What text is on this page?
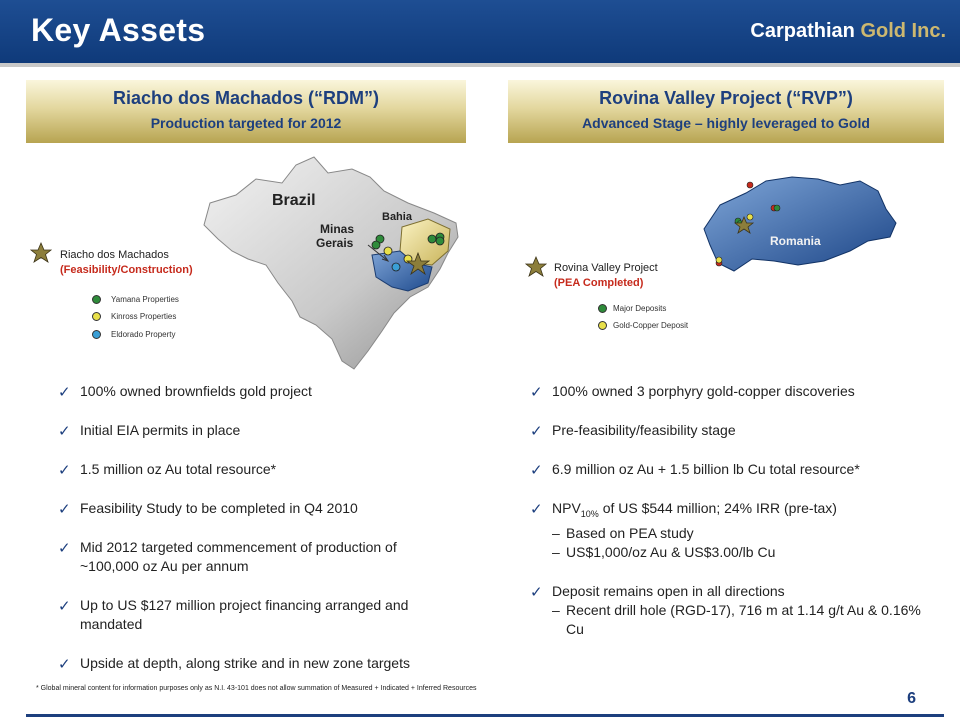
Key Assets	Carpathian Gold Inc.
Riacho dos Machados (“RDM”)
Production targeted for 2012
Rovina Valley Project (“RVP”)
Advanced Stage – highly leveraged to Gold
Brazil
Minas
Gerais
Bahia
Riacho dos Machados
(Feasibility/Construction)
Yamana Properties
Kinross Properties
Eldorado Property
Romania
Rovina Valley Project
(PEA Completed)
Major Deposits
Gold-Copper Deposit
✓ 100% owned brownfields gold project
✓ Initial EIA permits in place
✓ 1.5 million oz Au total resource*
✓ Feasibility Study to be completed in Q4 2010
✓ Mid 2012 targeted commencement of production of ~100,000 oz Au per annum
✓ Up to US $127 million project financing arranged and mandated
✓ Upside at depth, along strike and in new zone targets
✓ 100% owned 3 porphyry gold-copper discoveries
✓ Pre-feasibility/feasibility stage
✓ 6.9 million oz Au + 1.5 billion lb Cu total resource*
✓ $NPV_{10\%}$ of US $544 million; 24% IRR (pre-tax)
– Based on PEA study
– US$1,000/oz Au & US$3.00/lb Cu
✓ Deposit remains open in all directions
– Recent drill hole (RGD-17), 716 m at 1.14 g/t Au & 0.16% Cu
* Global mineral content for information purposes only as N.I. 43-101 does not allow summation of Measured + Indicated + Inferred Resources
6
